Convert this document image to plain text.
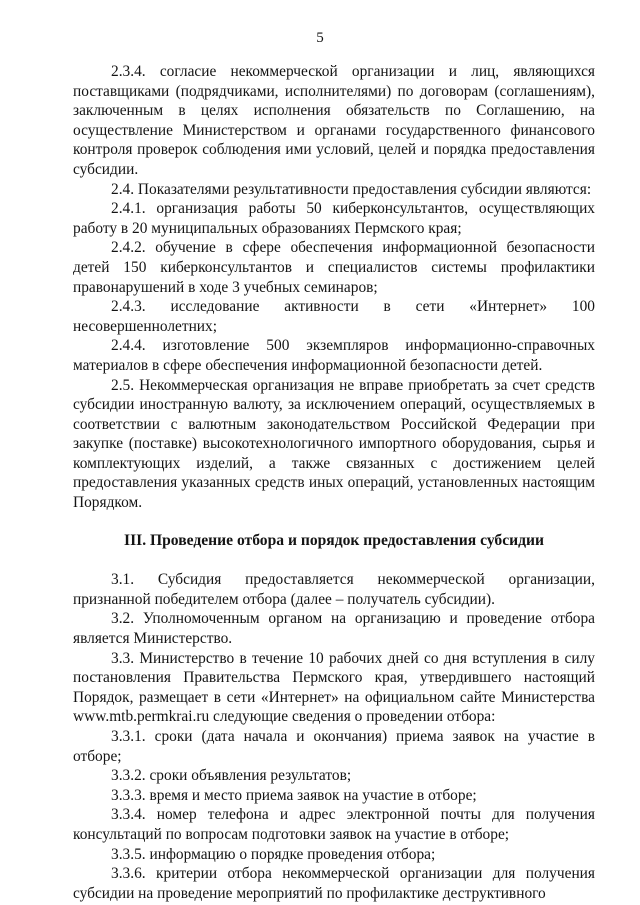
5

2.3.4. согласие некоммерческой организации и лиц, являющихся поставщиками (подрядчиками, исполнителями) по договорам (соглашениям), заключенным в целях исполнения обязательств по Соглашению, на осуществление Министерством и органами государственного финансового контроля проверок соблюдения ими условий, целей и порядка предоставления субсидии.

2.4. Показателями результативности предоставления субсидии являются:

2.4.1. организация работы 50 киберконсультантов, осуществляющих работу в 20 муниципальных образованиях Пермского края;

2.4.2. обучение в сфере обеспечения информационной безопасности детей 150 киберконсультантов и специалистов системы профилактики правонарушений в ходе 3 учебных семинаров;

2.4.3. исследование активности в сети «Интернет» 100 несовершеннолетних;

2.4.4. изготовление 500 экземпляров информационно-справочных материалов в сфере обеспечения информационной безопасности детей.

2.5. Некоммерческая организация не вправе приобретать за счет средств субсидии иностранную валюту, за исключением операций, осуществляемых в соответствии с валютным законодательством Российской Федерации при закупке (поставке) высокотехнологичного импортного оборудования, сырья и комплектующих изделий, а также связанных с достижением целей предоставления указанных средств иных операций, установленных настоящим Порядком.

III. Проведение отбора и порядок предоставления субсидии

3.1. Субсидия предоставляется некоммерческой организации, признанной победителем отбора (далее – получатель субсидии).

3.2. Уполномоченным органом на организацию и проведение отбора является Министерство.

3.3. Министерство в течение 10 рабочих дней со дня вступления в силу постановления Правительства Пермского края, утвердившего настоящий Порядок, размещает в сети «Интернет» на официальном сайте Министерства www.mtb.permkrai.ru следующие сведения о проведении отбора:

3.3.1. сроки (дата начала и окончания) приема заявок на участие в отборе;

3.3.2. сроки объявления результатов;

3.3.3. время и место приема заявок на участие в отборе;

3.3.4. номер телефона и адрес электронной почты для получения консультаций по вопросам подготовки заявок на участие в отборе;

3.3.5. информацию о порядке проведения отбора;

3.3.6. критерии отбора некоммерческой организации для получения субсидии на проведение мероприятий по профилактике деструктивного
